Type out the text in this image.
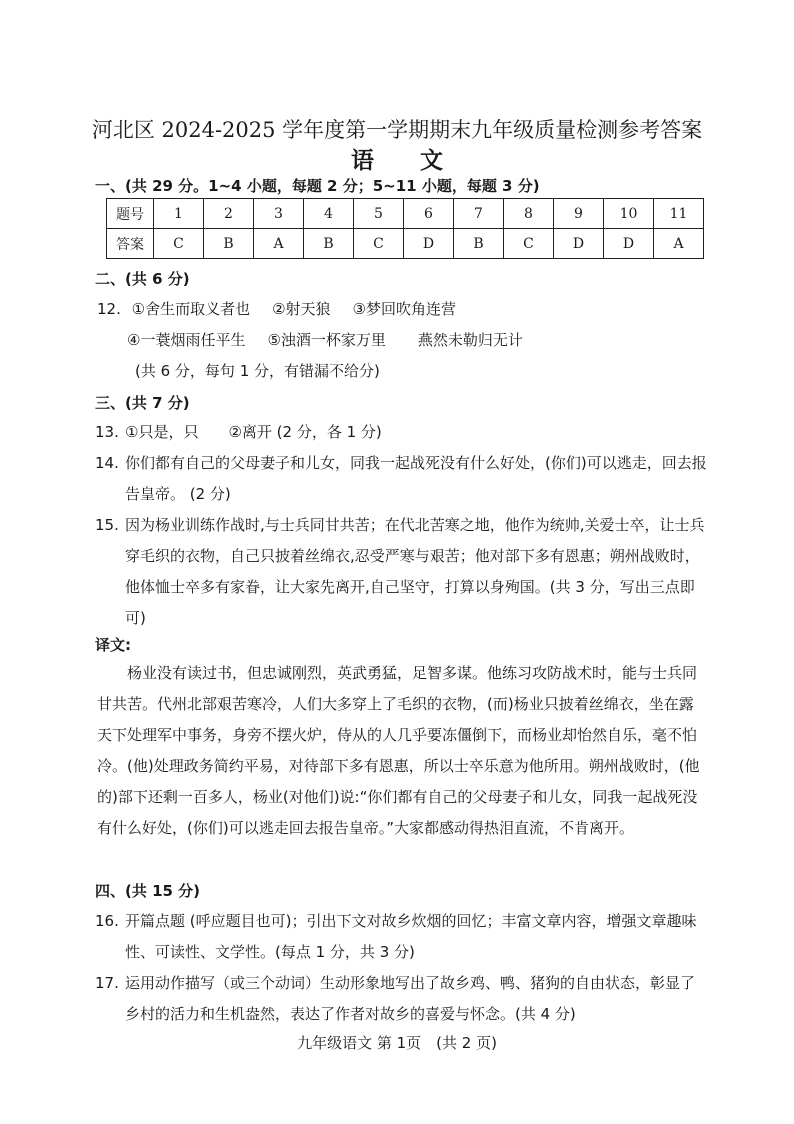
河北区 2024-2025 学年度第一学期期末九年级质量检测参考答案
语 文
一、(共 29 分。1~4 小题，每题 2 分；5~11 小题，每题 3 分)
题号	1	2	3	4	5	6	7	8	9	10	11
答案	C	B	A	B	C	D	B	C	D	D	A
二、(共 6 分)
12. ①舍生而取义者也 ②射天狼 ③梦回吹角连营
④一蓑烟雨任平生 ⑤浊酒一杯家万里 燕然未勒归无计
(共 6 分，每句 1 分，有错漏不给分)
三、(共 7 分)
13. ①只是，只　　②离开 (2 分，各 1 分)
14. 你们都有自己的父母妻子和儿女，同我一起战死没有什么好处，(你们)可以逃走，回去报告皇帝。 (2 分)
15. 因为杨业训练作战时,与士兵同甘共苦；在代北苦寒之地，他作为统帅,关爱士卒，让士兵穿毛织的衣物，自己只披着丝绵衣,忍受严寒与艰苦；他对部下多有恩惠；朔州战败时，他体恤士卒多有家眷，让大家先离开,自己坚守，打算以身殉国。(共 3 分，写出三点即可)
译文:
杨业没有读过书，但忠诚刚烈，英武勇猛，足智多谋。他练习攻防战术时，能与士兵同甘共苦。代州北部艰苦寒冷，人们大多穿上了毛织的衣物，(而)杨业只披着丝绵衣，坐在露天下处理军中事务，身旁不摆火炉，侍从的人几乎要冻僵倒下，而杨业却怡然自乐，毫不怕冷。(他)处理政务简约平易，对待部下多有恩惠，所以士卒乐意为他所用。朔州战败时，(他的)部下还剩一百多人，杨业(对他们)说:“你们都有自己的父母妻子和儿女，同我一起战死没有什么好处，(你们)可以逃走回去报告皇帝。”大家都感动得热泪直流，不肯离开。
四、(共 15 分)
16. 开篇点题 (呼应题目也可)；引出下文对故乡炊烟的回忆；丰富文章内容，增强文章趣味性、可读性、文学性。(每点 1 分，共 3 分)
17. 运用动作描写（或三个动词）生动形象地写出了故乡鸡、鸭、猪狗的自由状态，彰显了乡村的活力和生机盎然，表达了作者对故乡的喜爱与怀念。(共 4 分)
九年级语文 第 1页　(共 2 页)
